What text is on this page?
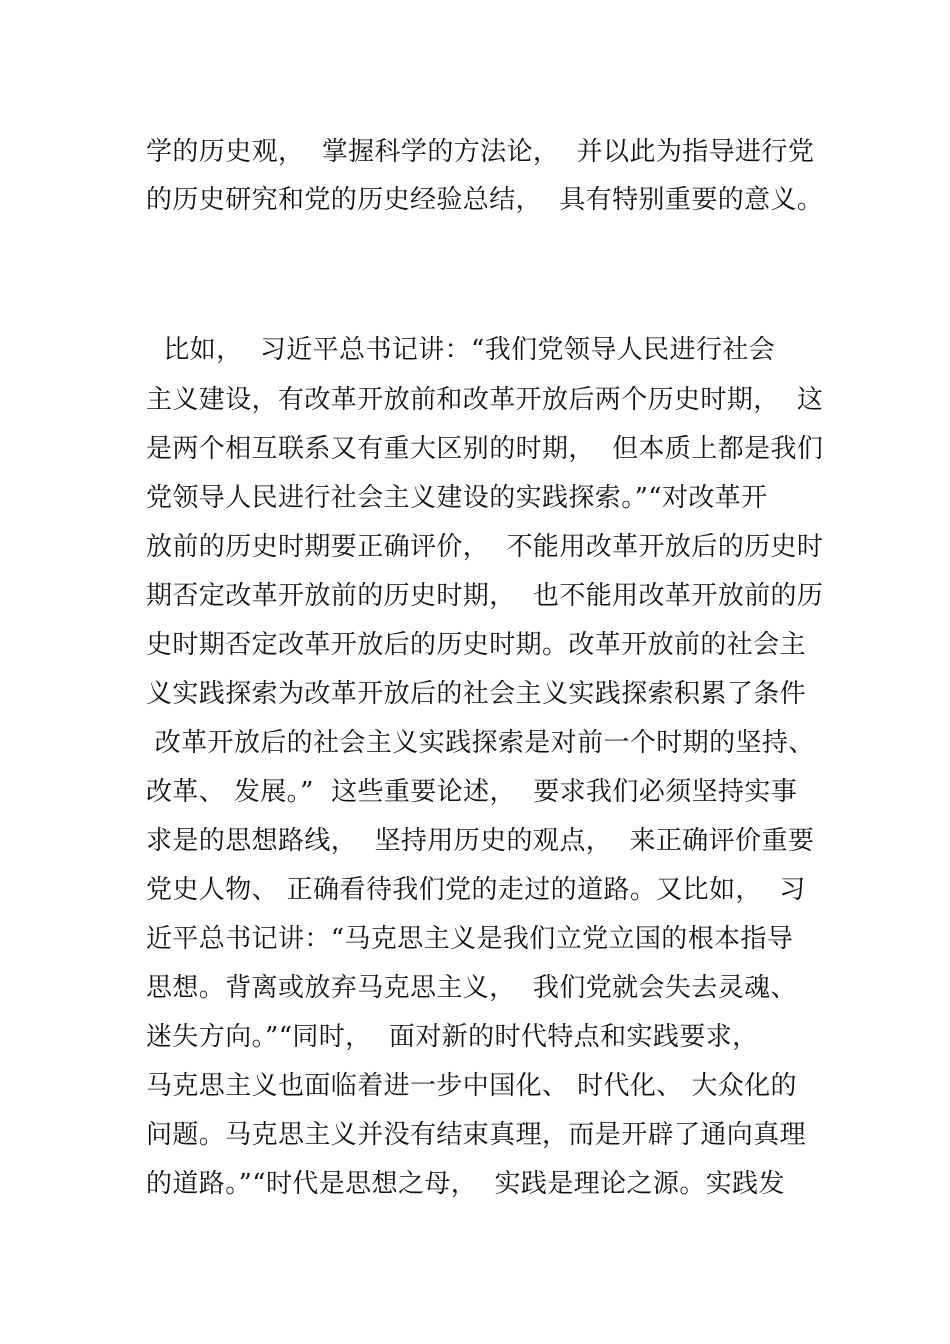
学的历史观，  掌握科学的方法论，  并以此为指导进行党
的历史研究和党的历史经验总结，  具有特别重要的意义。
比如，  习近平总书记讲：“我们党领导人民进行社会
主义建设，有改革开放前和改革开放后两个历史时期，  这
是两个相互联系又有重大区别的时期，  但本质上都是我们
党领导人民进行社会主义建设的实践探索。”“对改革开
放前的历史时期要正确评价，  不能用改革开放后的历史时
期否定改革开放前的历史时期，  也不能用改革开放前的历
史时期否定改革开放后的历史时期。改革开放前的社会主
义实践探索为改革开放后的社会主义实践探索积累了条件
改革开放后的社会主义实践探索是对前一个时期的坚持、
改革、 发展。”  这些重要论述，  要求我们必须坚持实事
求是的思想路线，  坚持用历史的观点，  来正确评价重要
党史人物、 正确看待我们党的走过的道路。又比如，  习
近平总书记讲：“马克思主义是我们立党立国的根本指导
思想。背离或放弃马克思主义，  我们党就会失去灵魂、
迷失方向。”“同时，  面对新的时代特点和实践要求，
马克思主义也面临着进一步中国化、 时代化、 大众化的
问题。马克思主义并没有结束真理，而是开辟了通向真理
的道路。”“时代是思想之母，  实践是理论之源。实践发
